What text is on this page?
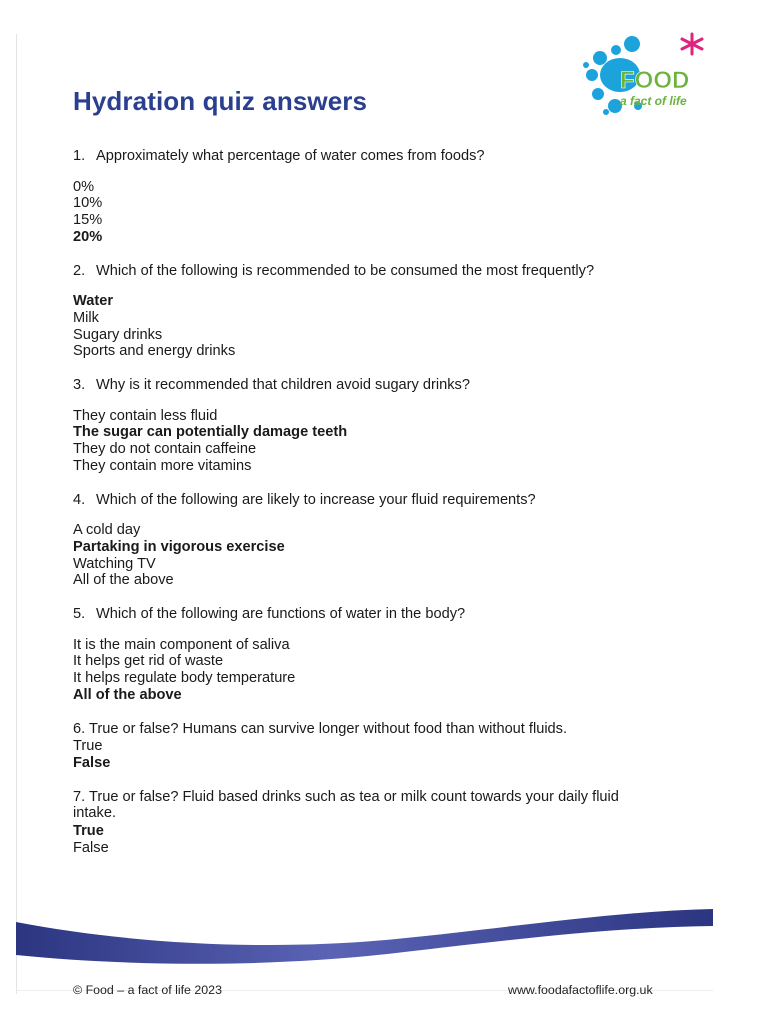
FOOD
a fact of life
Hydration quiz answers

1. Approximately what percentage of water comes from foods?

0%
10%
15%
20%

2. Which of the following is recommended to be consumed the most frequently?

Water
Milk
Sugary drinks
Sports and energy drinks

3. Why is it recommended that children avoid sugary drinks?

They contain less fluid
The sugar can potentially damage teeth
They do not contain caffeine
They contain more vitamins

4. Which of the following are likely to increase your fluid requirements?

A cold day
Partaking in vigorous exercise
Watching TV
All of the above

5. Which of the following are functions of water in the body?

It is the main component of saliva
It helps get rid of waste
It helps regulate body temperature
All of the above

6. True or false? Humans can survive longer without food than without fluids.

True
False

7. True or false? Fluid based drinks such as tea or milk count towards your daily fluid intake.

True
False
© Food – a fact of life 2023	www.foodafactoflife.org.uk
